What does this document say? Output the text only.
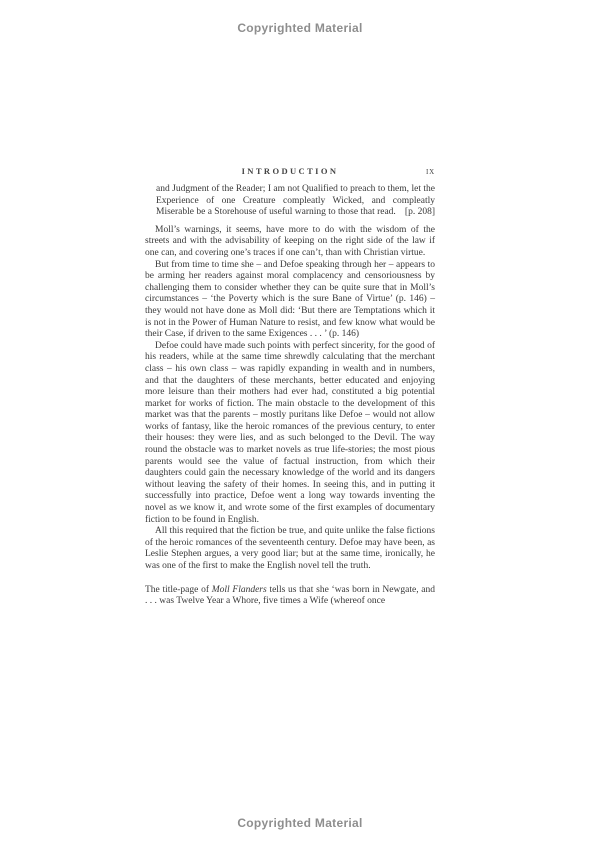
Copyrighted Material
INTRODUCTION	ix
and Judgment of the Reader; I am not Qualified to preach to them, let the Experience of one Creature compleatly Wicked, and compleatly Miserable be a Storehouse of useful warning to those that read. [p. 208]

Moll’s warnings, it seems, have more to do with the wisdom of the streets and with the advisability of keeping on the right side of the law if one can, and covering one’s traces if one can’t, than with Christian virtue.

But from time to time she – and Defoe speaking through her – appears to be arming her readers against moral complacency and censoriousness by challenging them to consider whether they can be quite sure that in Moll’s circumstances – ‘the Poverty which is the sure Bane of Virtue’ (p. 146) – they would not have done as Moll did: ‘But there are Temptations which it is not in the Power of Human Nature to resist, and few know what would be their Case, if driven to the same Exigences . . . ’ (p. 146)

Defoe could have made such points with perfect sincerity, for the good of his readers, while at the same time shrewdly calculating that the merchant class – his own class – was rapidly expanding in wealth and in numbers, and that the daughters of these merchants, better educated and enjoying more leisure than their mothers had ever had, constituted a big potential market for works of fiction. The main obstacle to the development of this market was that the parents – mostly puritans like Defoe – would not allow works of fantasy, like the heroic romances of the previous century, to enter their houses: they were lies, and as such belonged to the Devil. The way round the obstacle was to market novels as true life-stories; the most pious parents would see the value of factual instruction, from which their daughters could gain the necessary knowledge of the world and its dangers without leaving the safety of their homes. In seeing this, and in putting it successfully into practice, Defoe went a long way towards inventing the novel as we know it, and wrote some of the first examples of documentary fiction to be found in English.

All this required that the fiction be true, and quite unlike the false fictions of the heroic romances of the seventeenth century. Defoe may have been, as Leslie Stephen argues, a very good liar; but at the same time, ironically, he was one of the first to make the English novel tell the truth.

The title-page of Moll Flanders tells us that she ‘was born in Newgate, and . . . was Twelve Year a Whore, five times a Wife (whereof once

Copyrighted Material
